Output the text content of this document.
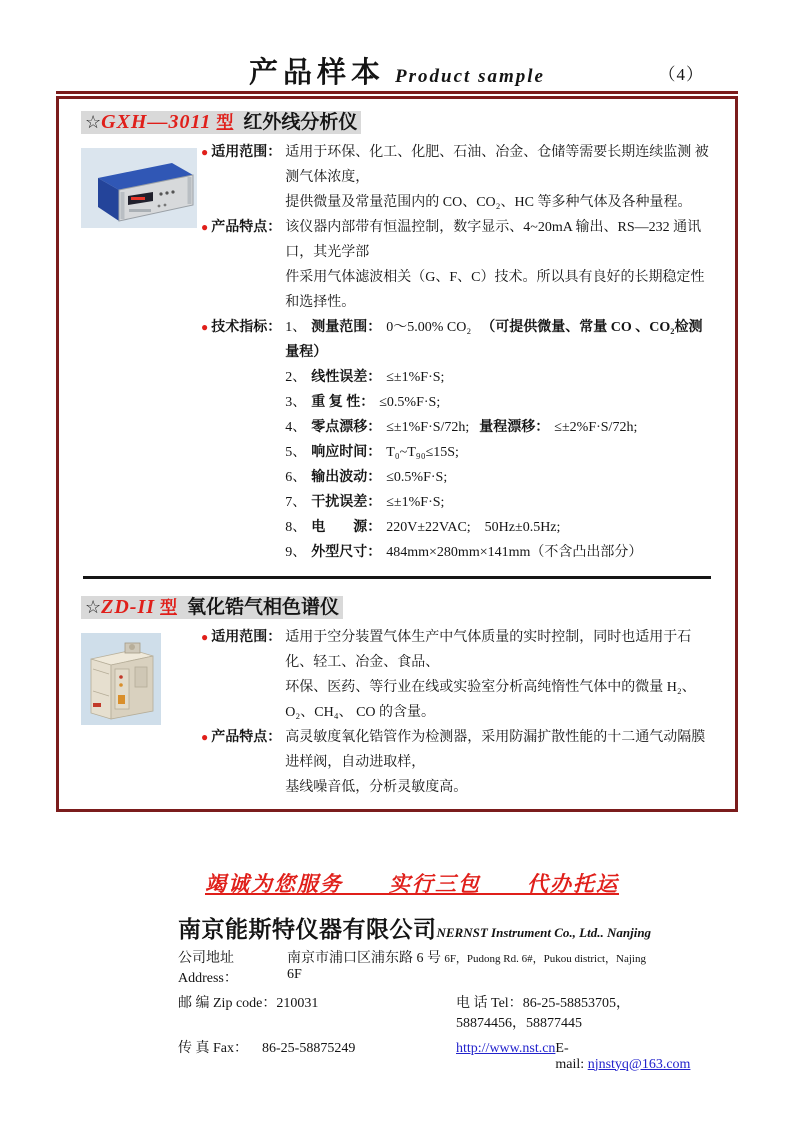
产品样本 Product sample	（4）
☆GXH—3011 型 红外线分析仪
● 适用范围： 适用于环保、化工、化肥、石油、冶金、仓储等需要长期连续监测 被测气体浓度，
提供微量及常量范围内的 CO、CO₂、HC 等多种气体及各种量程。
● 产品特点： 该仪器内部带有恒温控制，数字显示、4~20mA 输出、RS—232 通讯口，其光学部
件采用气体滤波相关（G、F、C）技术。所以具有良好的长期稳定性和选择性。
● 技术指标： 1、 测量范围： 0～5.00% CO₂ （可提供微量、常量 CO 、CO₂检测量程）
2、 线性误差： ≤±1%F·S;
3、 重 复 性： ≤0.5%F·S;
4、 零点漂移： ≤±1%F·S/72h; 量程漂移： ≤±2%F·S/72h;
5、 响应时间： T₀~T₉₀≤15S;
6、 输出波动： ≤0.5%F·S;
7、 干扰误差： ≤±1%F·S;
8、 电　　源： 220V±22VAC;　50Hz±0.5Hz;
9、 外型尺寸： 484mm×280mm×141mm（不含凸出部分）
☆ZD-II 型 氧化锆气相色谱仪
● 适用范围： 适用于空分装置气体生产中气体质量的实时控制，同时也适用于石化、轻工、冶金、食品、
环保、医药、等行业在线或实验室分析高纯惰性气体中的微量 H₂、O₂、CH₄、 CO 的含量。
● 产品特点： 高灵敏度氧化锆管作为检测器，采用防漏扩散性能的十二通气动隔膜进样阀，自动进取样，
基线噪音低，分析灵敏度高。

竭诚为您服务　　实行三包　　代办托运
南京能斯特仪器有限公司 NERNST Instrument Co., Ltd.. Nanjing
公司地址 Address：
南京市浦口区浦东路 6 号 6F
6F，Pudong Rd. 6#，Pukou district，Najing
邮 编 Zip code：210031	电 话 Tel：86-25-58853705，58874456，58877445
传 真 Fax：  86-25-58875249	http://www.nst.cn E-mail: njnstyq@163.com
